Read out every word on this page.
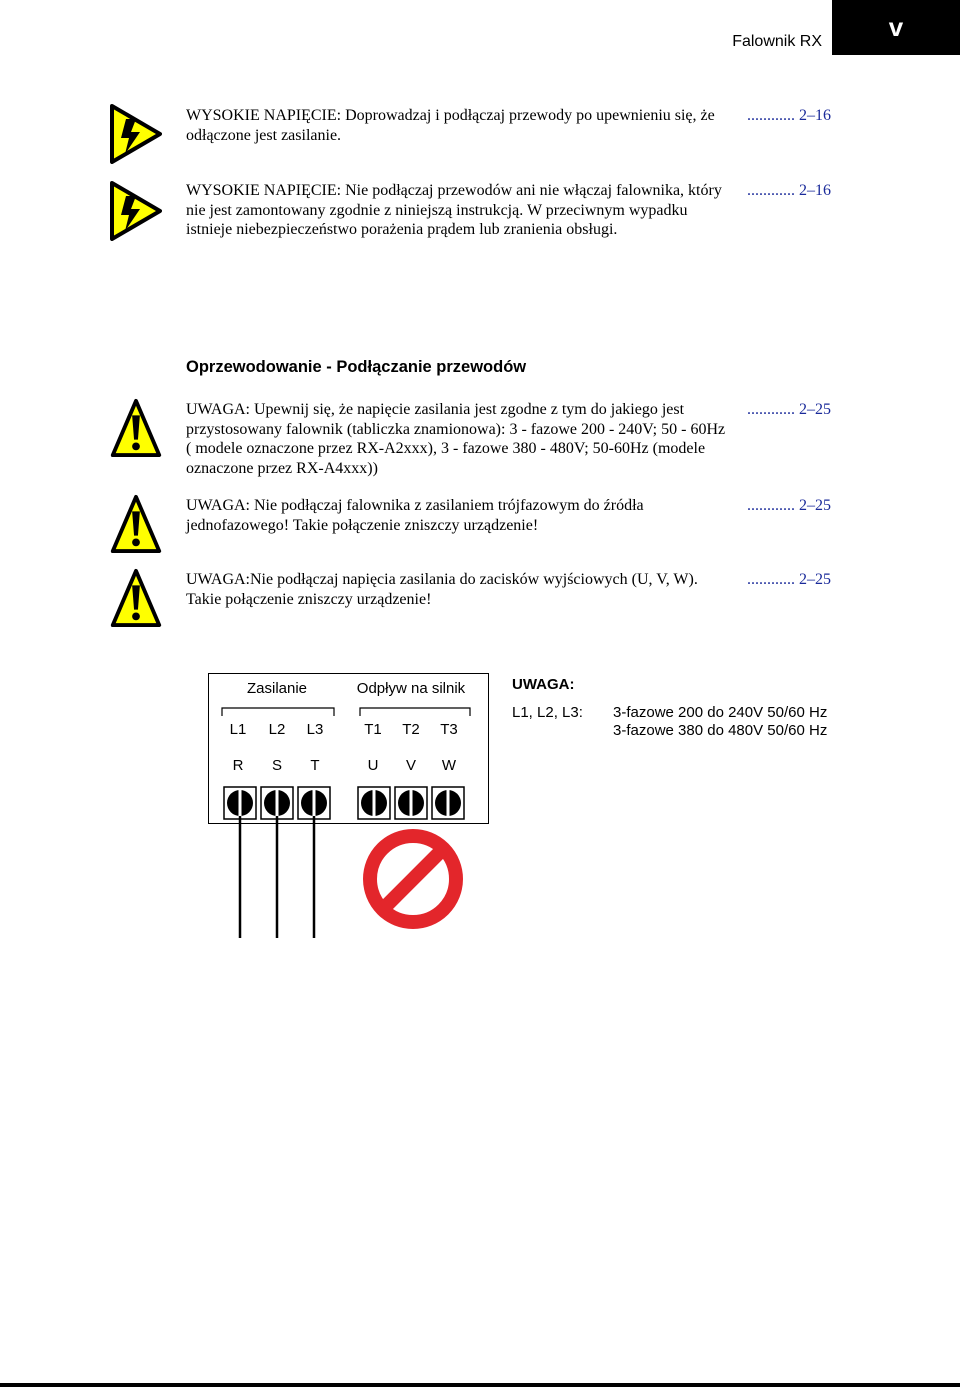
Falownik RX	v
WYSOKIE NAPIĘCIE: Doprowadzaj i podłączaj przewody po upewnieniu się, że odłączone jest zasilanie.
............ 2–16
WYSOKIE NAPIĘCIE: Nie podłączaj przewodów ani nie włączaj falownika, który nie jest zamontowany zgodnie z niniejszą instrukcją. W przeciwnym wypadku istnieje niebezpieczeństwo porażenia prądem lub zranienia obsługi.
............ 2–16
Oprzewodowanie - Podłączanie przewodów
UWAGA: Upewnij się, że napięcie zasilania jest zgodne z tym do jakiego jest przystosowany falownik (tabliczka znamionowa): 3 - fazowe 200 - 240V; 50 - 60Hz ( modele oznaczone przez RX-A2xxx), 3 - fazowe 380 - 480V; 50-60Hz (modele oznaczone przez RX-A4xxx))
............ 2–25
UWAGA: Nie podłączaj falownika z zasilaniem trójfazowym do źródła jednofazowego! Takie połączenie zniszczy urządzenie!
............ 2–25
UWAGA:Nie podłączaj napięcia zasilania do zacisków wyjściowych (U, V, W). Takie połączenie zniszczy urządzenie!
............ 2–25
Zasilanie	Odpływ na silnik
L1	L2	L3	T1	T2	T3
R	S	T	U	V	W
UWAGA:
L1, L2, L3: 3-fazowe 200 do 240V 50/60 Hz
3-fazowe 380 do 480V 50/60 Hz
